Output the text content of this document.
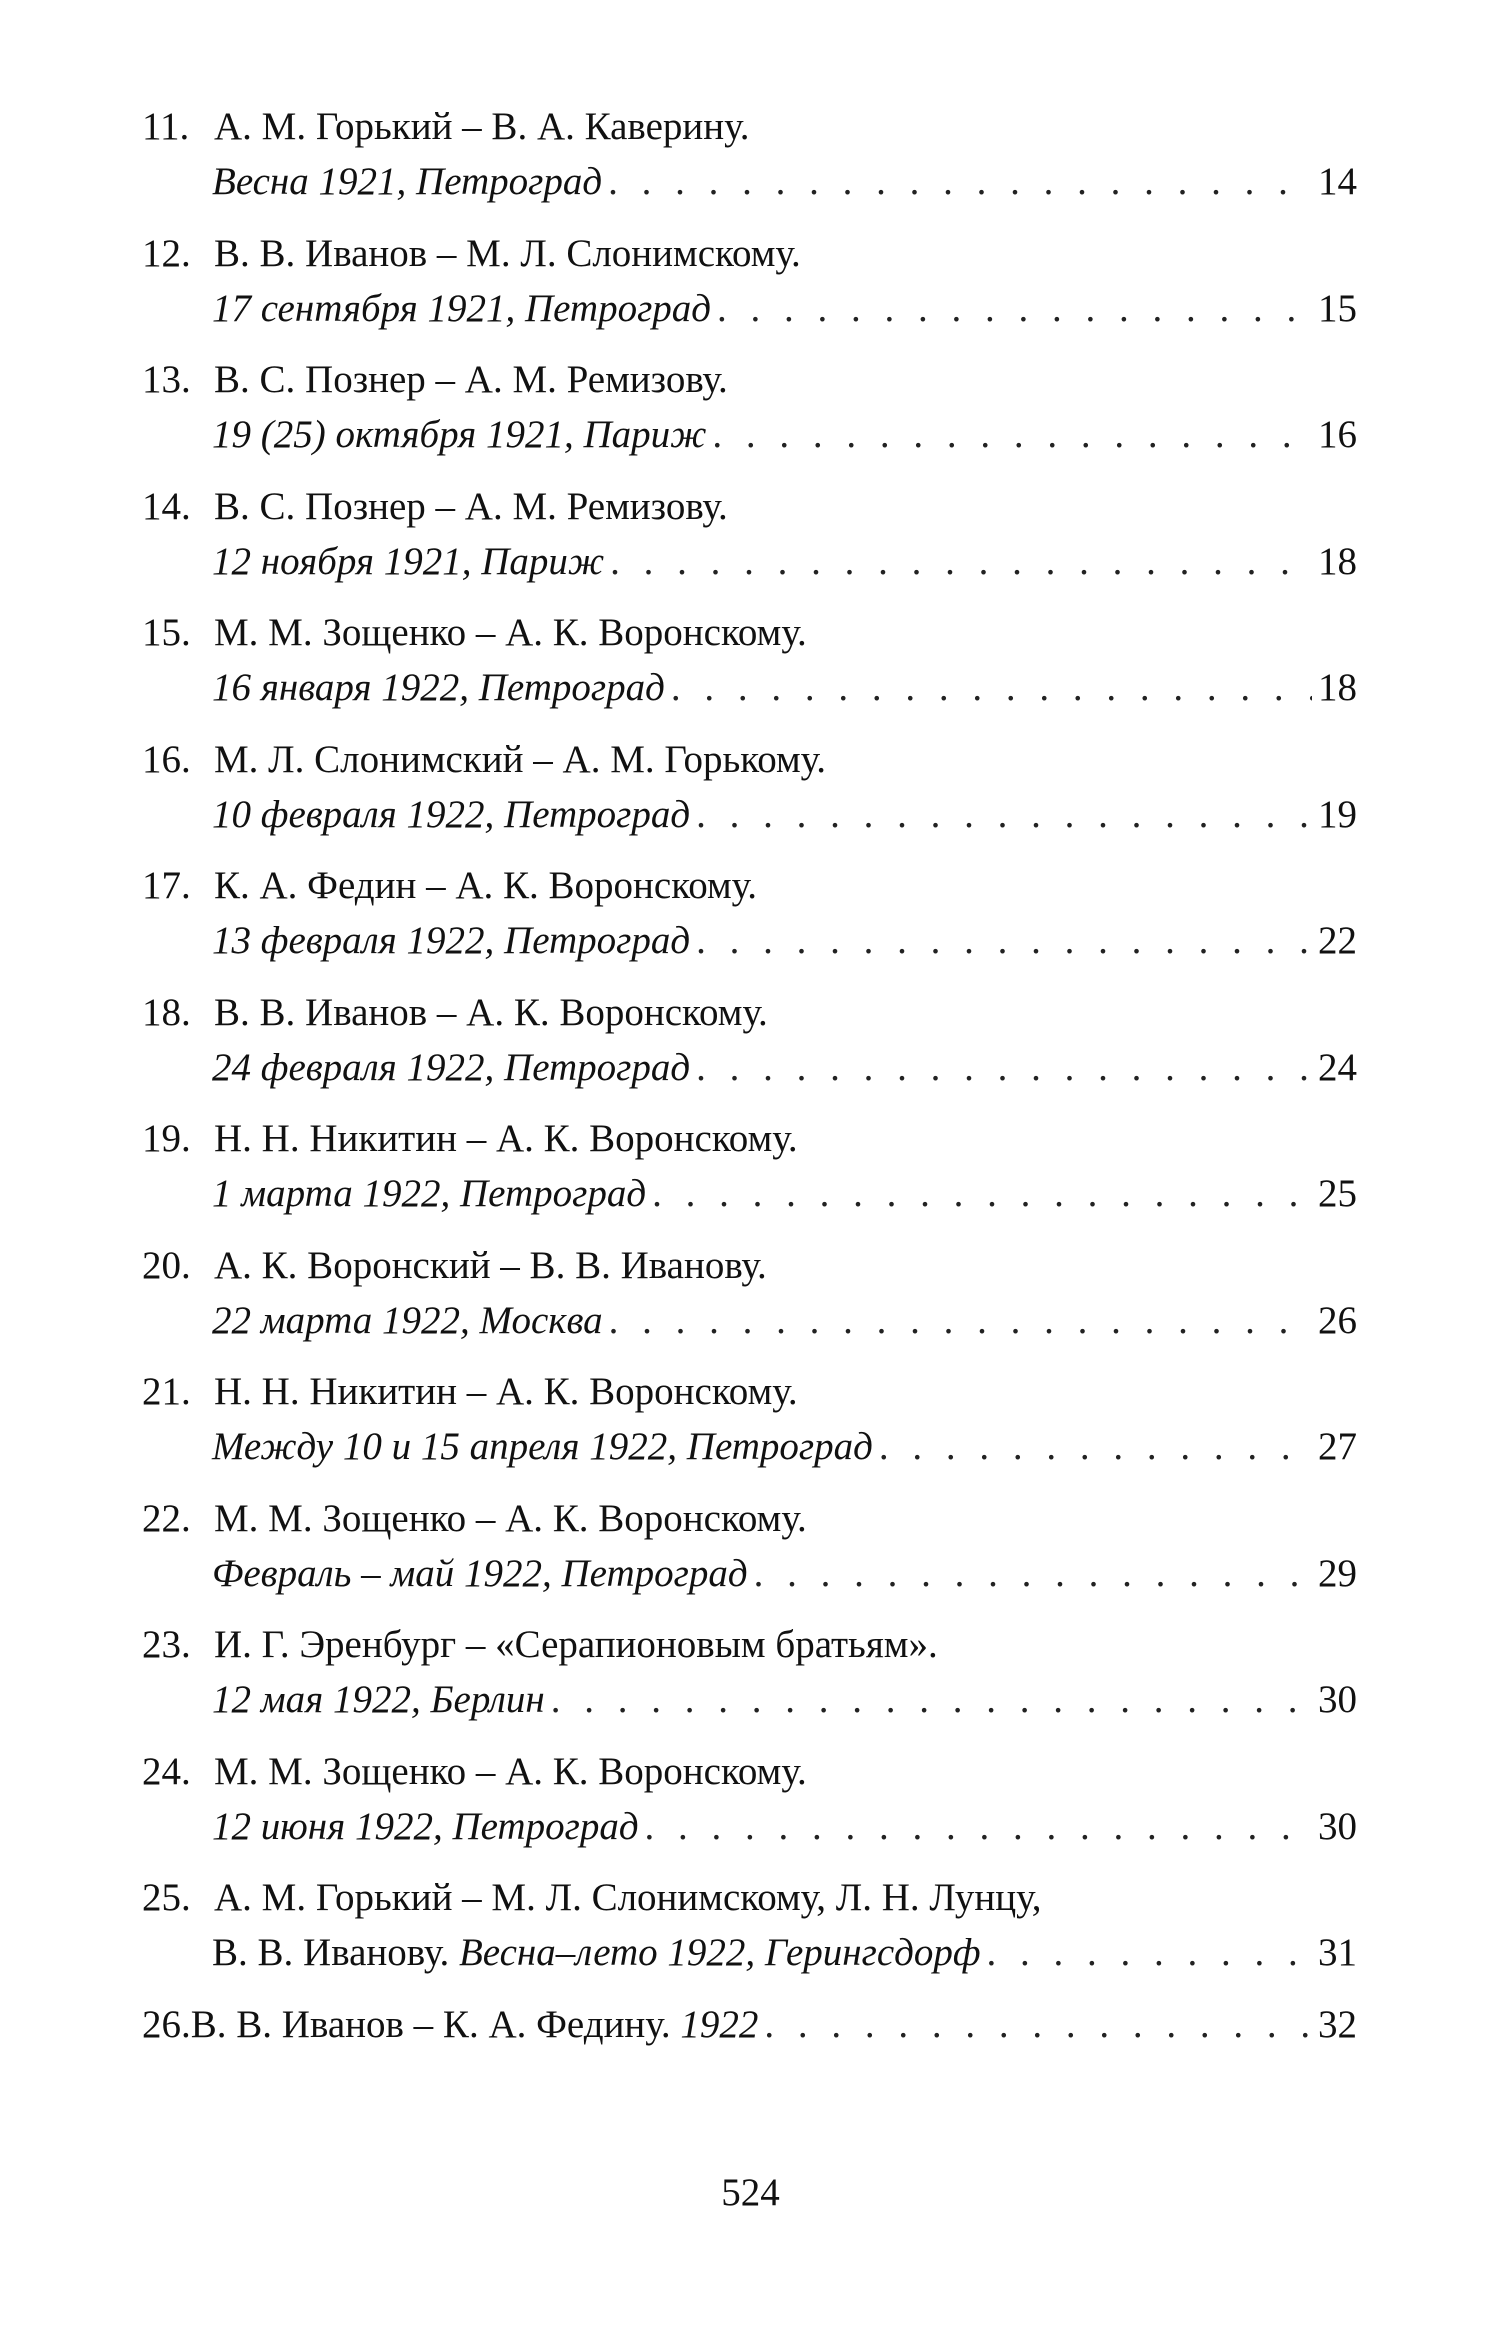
11. А. М. Горький – В. А. Каверину.
Весна 1921, Петроград . . .	14
12. В. В. Иванов – М. Л. Слонимскому.
17 сентября 1921, Петроград . . .	15
13. В. С. Познер – А. М. Ремизову.
19 (25) октября 1921, Париж . . .	16
14. В. С. Познер – А. М. Ремизову.
12 ноября 1921, Париж . . .	18
15. М. М. Зощенко – А. К. Воронскому.
16 января 1922, Петроград . . .	18
16. М. Л. Слонимский – А. М. Горькому.
10 февраля 1922, Петроград . . .	19
17. К. А. Федин – А. К. Воронскому.
13 февраля 1922, Петроград . . .	22
18. В. В. Иванов – А. К. Воронскому.
24 февраля 1922, Петроград . . .	24
19. Н. Н. Никитин – А. К. Воронскому.
1 марта 1922, Петроград . . .	25
20. А. К. Воронский – В. В. Иванову.
22 марта 1922, Москва . . .	26
21. Н. Н. Никитин – А. К. Воронскому.
Между 10 и 15 апреля 1922, Петроград . . .	27
22. М. М. Зощенко – А. К. Воронскому.
Февраль – май 1922, Петроград . . .	29
23. И. Г. Эренбург – «Серапионовым братьям».
12 мая 1922, Берлин . . .	30
24. М. М. Зощенко – А. К. Воронскому.
12 июня 1922, Петроград . . .	30
25. А. М. Горький – М. Л. Слонимскому, Л. Н. Лунцу,
В. В. Иванову.
Весна–лето 1922, Герингсдорф . . .	31
26. В. В. Иванов – К. А. Федину.
1922 . . .	32
524
